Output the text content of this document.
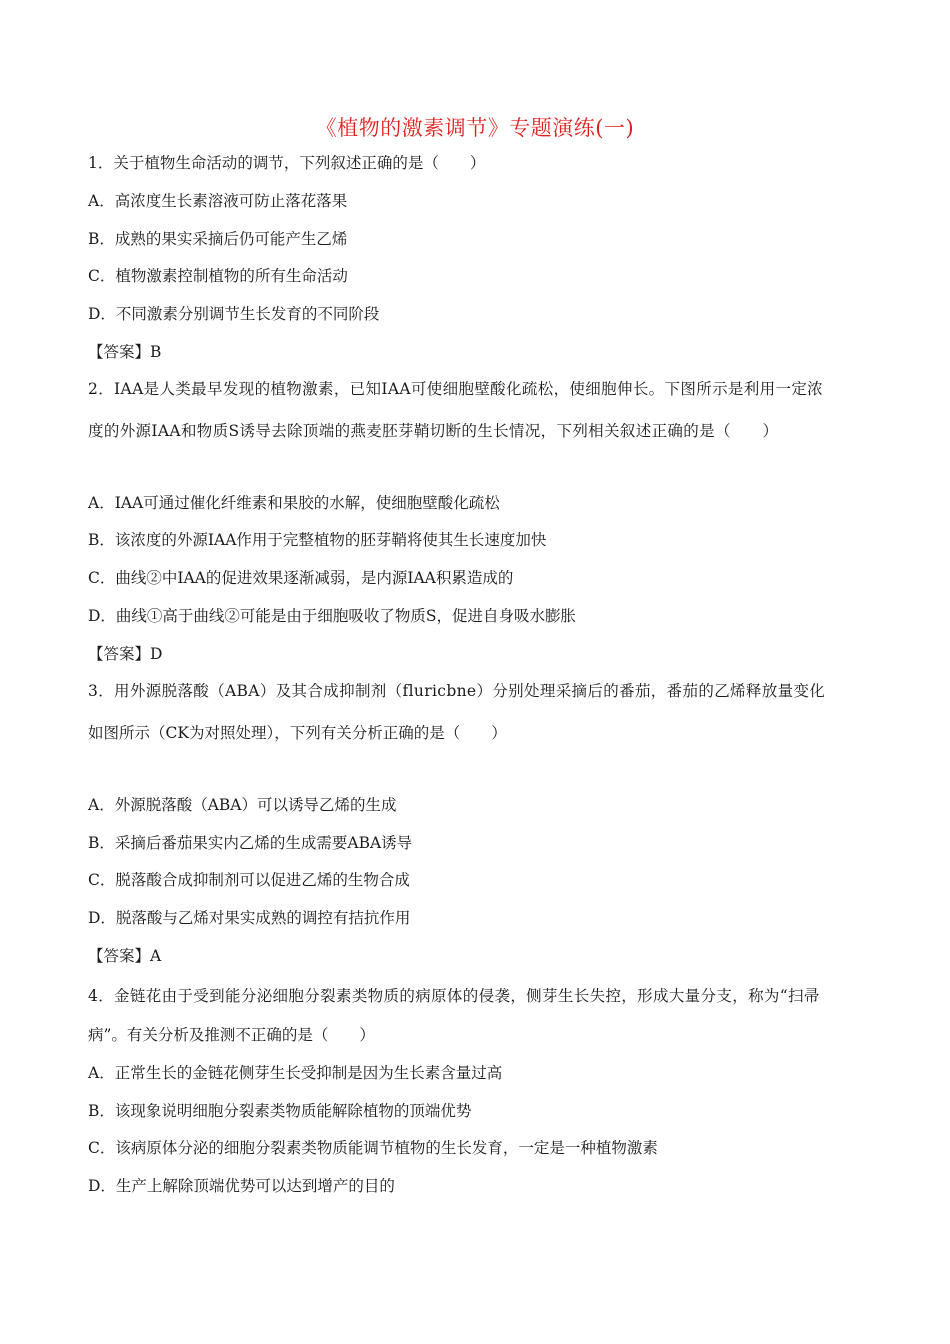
《植物的激素调节》专题演练(一)
1．关于植物生命活动的调节，下列叙述正确的是（　　）
A．高浓度生长素溶液可防止落花落果
B．成熟的果实采摘后仍可能产生乙烯
C．植物激素控制植物的所有生命活动
D．不同激素分别调节生长发育的不同阶段
【答案】B
2．IAA是人类最早发现的植物激素，已知IAA可使细胞壁酸化疏松，使细胞伸长。下图所示是利用一定浓
度的外源IAA和物质S诱导去除顶端的燕麦胚芽鞘切断的生长情况，下列相关叙述正确的是（　　）
A．IAA可通过催化纤维素和果胶的水解，使细胞壁酸化疏松
B．该浓度的外源IAA作用于完整植物的胚芽鞘将使其生长速度加快
C．曲线②中IAA的促进效果逐渐减弱，是内源IAA积累造成的
D．曲线①高于曲线②可能是由于细胞吸收了物质S，促进自身吸水膨胀
【答案】D
3．用外源脱落酸（ABA）及其合成抑制剂（fluricbne）分别处理采摘后的番茄，番茄的乙烯释放量变化
如图所示（CK为对照处理），下列有关分析正确的是（　　）
A．外源脱落酸（ABA）可以诱导乙烯的生成
B．采摘后番茄果实内乙烯的生成需要ABA诱导
C．脱落酸合成抑制剂可以促进乙烯的生物合成
D．脱落酸与乙烯对果实成熟的调控有拮抗作用
【答案】A
4．金链花由于受到能分泌细胞分裂素类物质的病原体的侵袭，侧芽生长失控，形成大量分支，称为“扫帚
病”。有关分析及推测不正确的是（　　）
A．正常生长的金链花侧芽生长受抑制是因为生长素含量过高
B．该现象说明细胞分裂素类物质能解除植物的顶端优势
C．该病原体分泌的细胞分裂素类物质能调节植物的生长发育，一定是一种植物激素
D．生产上解除顶端优势可以达到增产的目的
